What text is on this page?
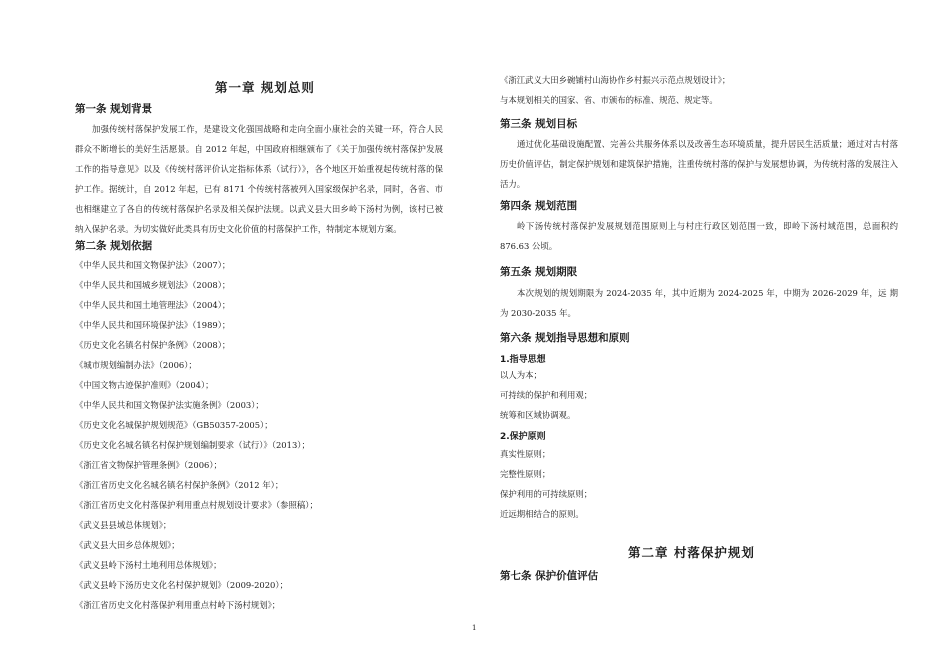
第一章 规划总则
第一条 规划背景
加强传统村落保护发展工作，是建设文化强国战略和走向全面小康社会的关键一环，符合人民群众不断增长的美好生活愿景。自 2012 年起，中国政府相继颁布了《关于加强传统村落保护发展工作的指导意见》以及《传统村落评价认定指标体系（试行）》，各个地区开始重视起传统村落的保护工作。据统计，自 2012 年起，已有 8171 个传统村落被列入国家级保护名录，同时，各省、市也相继建立了各自的传统村落保护名录及相关保护法规。以武义县大田乡岭下汤村为例，该村已被纳入保护名录。为切实做好此类具有历史文化价值的村落保护工作，特制定本规划方案。
第二条 规划依据
《中华人民共和国文物保护法》（2007）；
《中华人民共和国城乡规划法》（2008）；
《中华人民共和国土地管理法》（2004）；
《中华人民共和国环境保护法》（1989）；
《历史文化名镇名村保护条例》（2008）；
《城市规划编制办法》（2006）；
《中国文物古迹保护准则》（2004）；
《中华人民共和国文物保护法实施条例》（2003）；
《历史文化名城保护规划规范》（GB50357-2005）；
《历史文化名城名镇名村保护规划编制要求（试行）》（2013）；
《浙江省文物保护管理条例》（2006）；
《浙江省历史文化名城名镇名村保护条例》（2012 年）；
《浙江省历史文化村落保护利用重点村规划设计要求》（参照稿）；
《武义县县域总体规划》；
《武义县大田乡总体规划》；
《武义县岭下汤村土地利用总体规划》；
《武义县岭下汤历史文化名村保护规划》（2009-2020）；
《浙江省历史文化村落保护利用重点村岭下汤村规划》；
《浙江武义大田乡碗铺村山海协作乡村振兴示范点规划设计》；
与本规划相关的国家、省、市颁布的标准、规范、规定等。
第三条 规划目标
通过优化基础设施配置、完善公共服务体系以及改善生态环境质量，提升居民生活质量；通过对古村落历史价值评估，制定保护规划和建筑保护措施，注重传统村落的保护与发展想协调，为传统村落的发展注入活力。
第四条 规划范围
岭下汤传统村落保护发展规划范围原则上与村庄行政区划范围一致，即岭下汤村域范围，总面积约 876.63 公顷。
第五条 规划期限
本次规划的规划期限为 2024-2035 年，其中近期为 2024-2025 年，中期为 2026-2029 年，远 期为 2030-2035 年。
第六条 规划指导思想和原则
1.指导思想
以人为本；
可持续的保护和利用观；
统筹和区域协调观。
2.保护原则
真实性原则；
完整性原则；
保护利用的可持续原则；
近远期相结合的原则。
第二章 村落保护规划
第七条 保护价值评估
1
